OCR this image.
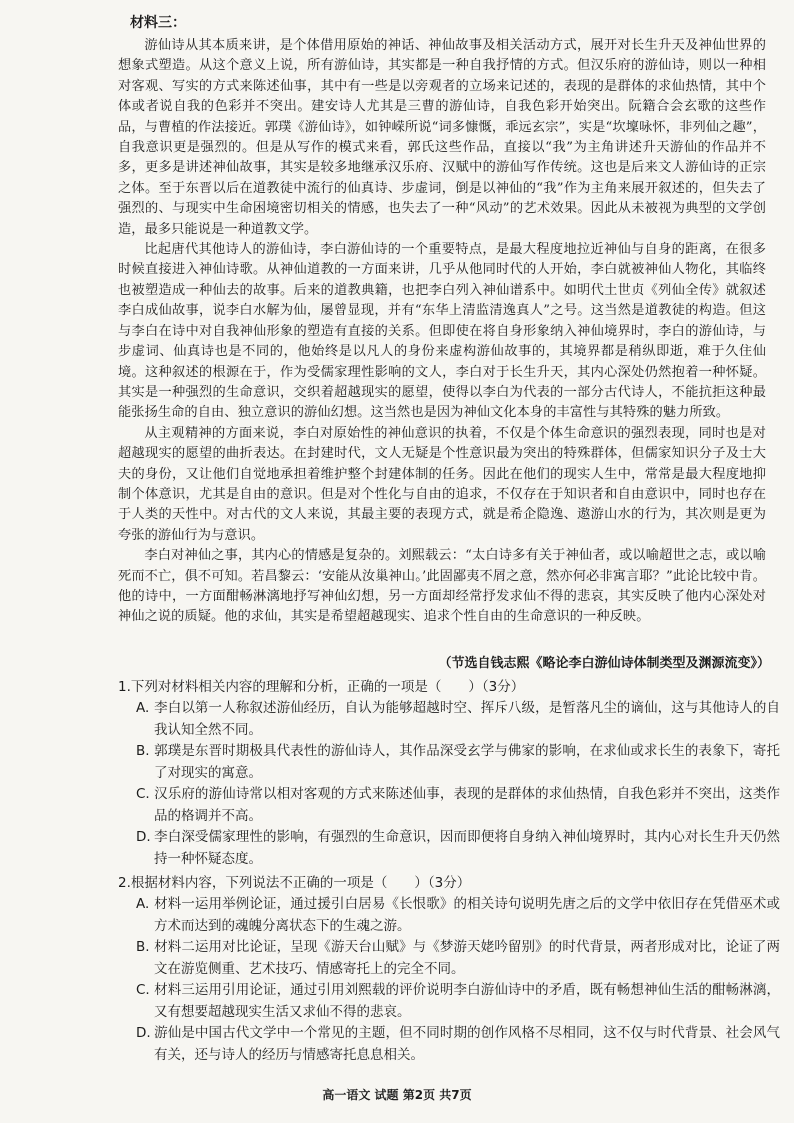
材料三：

游仙诗从其本质来讲，是个体借用原始的神话、神仙故事及相关活动方式，展开对长生升天及神仙世界的想象式塑造。从这个意义上说，所有游仙诗，其实都是一种自我抒情的方式。但汉乐府的游仙诗，则以一种相对客观、写实的方式来陈述仙事，其中有一些是以旁观者的立场来记述的，表现的是群体的求仙热情，其中个体或者说自我的色彩并不突出。建安诗人尤其是三曹的游仙诗，自我色彩开始突出。阮籍合会玄歌的这些作品，与曹植的作法接近。郭璞《游仙诗》，如钟嵘所说“词多慷慨，乖远玄宗”，实是“坎壈咏怀，非列仙之趣”，自我意识更是强烈的。但是从写作的模式来看，郭氏这些作品，直接以“我”为主角讲述升天游仙的作品并不多，更多是讲述神仙故事，其实是较多地继承汉乐府、汉赋中的游仙写作传统。这也是后来文人游仙诗的正宗之体。至于东晋以后在道教徒中流行的仙真诗、步虚词，倒是以神仙的“我”作为主角来展开叙述的，但失去了强烈的、与现实中生命困境密切相关的情感，也失去了一种“风动”的艺术效果。因此从未被视为典型的文学创造，最多只能说是一种道教文学。

比起唐代其他诗人的游仙诗，李白游仙诗的一个重要特点，是最大程度地拉近神仙与自身的距离，在很多时候直接进入神仙诗歌。从神仙道教的一方面来讲，几乎从他同时代的人开始，李白就被神仙人物化，其临终也被塑造成一种仙去的故事。后来的道教典籍，也把李白列入神仙谱系中。如明代土世贞《列仙全传》就叙述李白成仙故事，说李白水解为仙，屡曾显现，并有“东华上清监清逸真人”之号。这当然是道教徒的构造。但这与李白在诗中对自我神仙形象的塑造有直接的关系。但即使在将自身形象纳入神仙境界时，李白的游仙诗，与步虚词、仙真诗也是不同的，他始终是以凡人的身份来虚构游仙故事的，其境界都是稍纵即逝，难于久住仙境。这种叙述的根源在于，作为受儒家理性影响的文人，李白对于长生升天，其内心深处仍然抱着一种怀疑。其实是一种强烈的生命意识，交织着超越现实的愿望，使得以李白为代表的一部分古代诗人，不能抗拒这种最能张扬生命的自由、独立意识的游仙幻想。这当然也是因为神仙文化本身的丰富性与其特殊的魅力所致。

从主观精神的方面来说，李白对原始性的神仙意识的执着，不仅是个体生命意识的强烈表现，同时也是对超越现实的愿望的曲折表达。在封建时代，文人无疑是个性意识最为突出的特殊群体，但儒家知识分子及士大夫的身份，又让他们自觉地承担着维护整个封建体制的任务。因此在他们的现实人生中，常常是最大程度地抑制个体意识，尤其是自由的意识。但是对个性化与自由的追求，不仅存在于知识者和自由意识中，同时也存在于人类的天性中。对古代的文人来说，其最主要的表现方式，就是希企隐逸、遨游山水的行为，其次则是更为夸张的游仙行为与意识。

李白对神仙之事，其内心的情感是复杂的。刘熙载云：“太白诗多有关于神仙者，或以喻超世之志，或以喻死而不亡，俱不可知。若昌黎云：‘安能从汝巢神山。’此固鄙夷不屑之意，然亦何必非寓言耶？”此论比较中肯。他的诗中，一方面酣畅淋漓地抒写神仙幻想，另一方面却经常抒发求仙不得的悲哀，其实反映了他内心深处对神仙之说的质疑。他的求仙，其实是希望超越现实、追求个性自由的生命意识的一种反映。

（节选自钱志熙《略论李白游仙诗体制类型及渊源流变》）
1. 下列对材料相关内容的理解和分析，正确的一项是（　　）（3分）
A. 李白以第一人称叙述游仙经历，自认为能够超越时空、挥斥八级，是暂落凡尘的谪仙，这与其他诗人的自我认知全然不同。
B. 郭璞是东晋时期极具代表性的游仙诗人，其作品深受玄学与佛家的影响，在求仙或求长生的表象下，寄托了对现实的寓意。
C. 汉乐府的游仙诗常以相对客观的方式来陈述仙事，表现的是群体的求仙热情，自我色彩并不突出，这类作品的格调并不高。
D. 李白深受儒家理性的影响，有强烈的生命意识，因而即便将自身纳入神仙境界时，其内心对长生升天仍然持一种怀疑态度。
2. 根据材料内容，下列说法不正确的一项是（　　）（3分）
A. 材料一运用举例论证，通过援引白居易《长恨歌》的相关诗句说明先唐之后的文学中依旧存在凭借巫术或方术而达到的魂魄分离状态下的生魂之游。
B. 材料二运用对比论证，呈现《游天台山赋》与《梦游天姥吟留别》的时代背景，两者形成对比，论证了两文在游览侧重、艺术技巧、情感寄托上的完全不同。
C. 材料三运用引用论证，通过引用刘熙载的评价说明李白游仙诗中的矛盾，既有畅想神仙生活的酣畅淋漓，又有想要超越现实生活又求仙不得的悲哀。
D. 游仙是中国古代文学中一个常见的主题，但不同时期的创作风格不尽相同，这不仅与时代背景、社会风气有关，还与诗人的经历与情感寄托息息相关。
高一语文 试题 第2页 共7页
